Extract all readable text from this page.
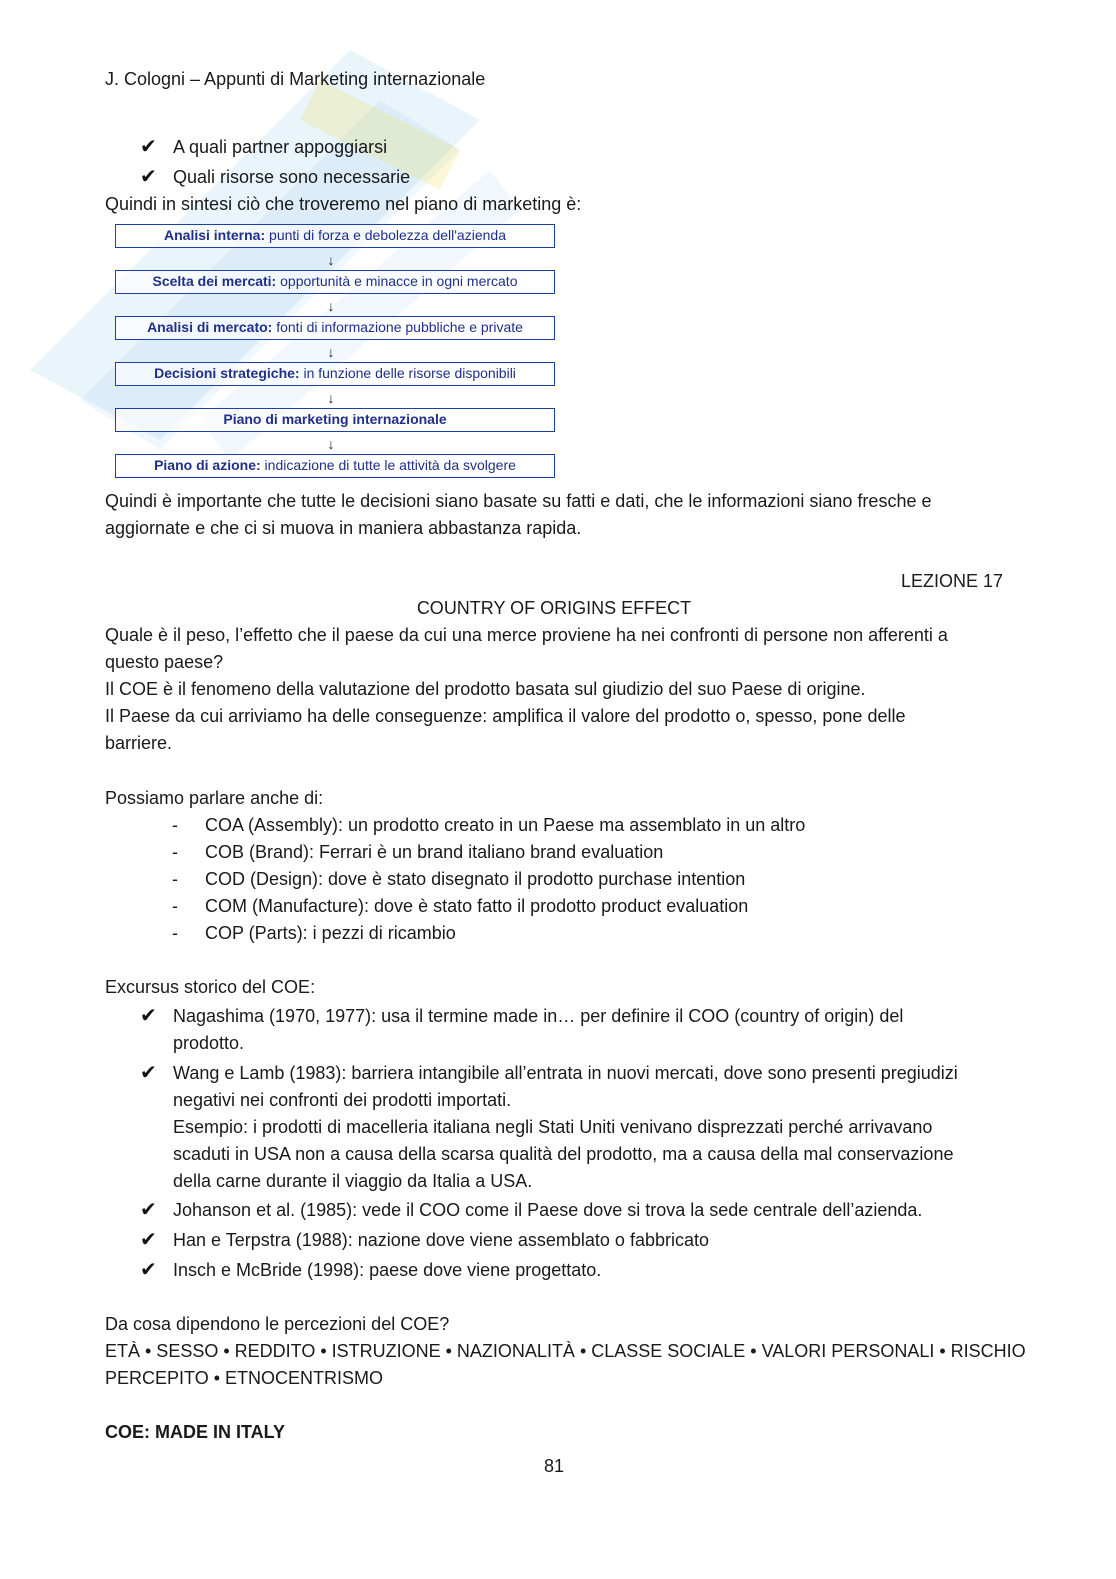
J. Cologni – Appunti di Marketing internazionale
✔ A quali partner appoggiarsi
✔ Quali risorse sono necessarie
Quindi in sintesi ciò che troveremo nel piano di marketing è:
Analisi interna: punti di forza e debolezza dell'azienda
↓
Scelta dei mercati: opportunità e minacce in ogni mercato
↓
Analisi di mercato: fonti di informazione pubbliche e private
↓
Decisioni strategiche: in funzione delle risorse disponibili
↓
Piano di marketing internazionale
↓
Piano di azione: indicazione di tutte le attività da svolgere
Quindi è importante che tutte le decisioni siano basate su fatti e dati, che le informazioni siano fresche e
aggiornate e che ci si muova in maniera abbastanza rapida.
LEZIONE 17
COUNTRY OF ORIGINS EFFECT
Quale è il peso, l’effetto che il paese da cui una merce proviene ha nei confronti di persone non afferenti a
questo paese?
Il COE è il fenomeno della valutazione del prodotto basata sul giudizio del suo Paese di origine.
Il Paese da cui arriviamo ha delle conseguenze: amplifica il valore del prodotto o, spesso, pone delle
barriere.
Possiamo parlare anche di:
- COA (Assembly): un prodotto creato in un Paese ma assemblato in un altro
- COB (Brand): Ferrari è un brand italiano brand evaluation
- COD (Design): dove è stato disegnato il prodotto purchase intention
- COM (Manufacture): dove è stato fatto il prodotto product evaluation
- COP (Parts): i pezzi di ricambio
Excursus storico del COE:
✔ Nagashima (1970, 1977): usa il termine made in… per definire il COO (country of origin) del
prodotto.
✔ Wang e Lamb (1983): barriera intangibile all’entrata in nuovi mercati, dove sono presenti pregiudizi
negativi nei confronti dei prodotti importati.
Esempio: i prodotti di macelleria italiana negli Stati Uniti venivano disprezzati perché arrivavano
scaduti in USA non a causa della scarsa qualità del prodotto, ma a causa della mal conservazione
della carne durante il viaggio da Italia a USA.
✔ Johanson et al. (1985): vede il COO come il Paese dove si trova la sede centrale dell’azienda.
✔ Han e Terpstra (1988): nazione dove viene assemblato o fabbricato
✔ Insch e McBride (1998): paese dove viene progettato.
Da cosa dipendono le percezioni del COE?
ETÀ • SESSO • REDDITO • ISTRUZIONE • NAZIONALITÀ • CLASSE SOCIALE • VALORI PERSONALI • RISCHIO
PERCEPITO • ETNOCENTRISMO
COE: MADE IN ITALY
81
